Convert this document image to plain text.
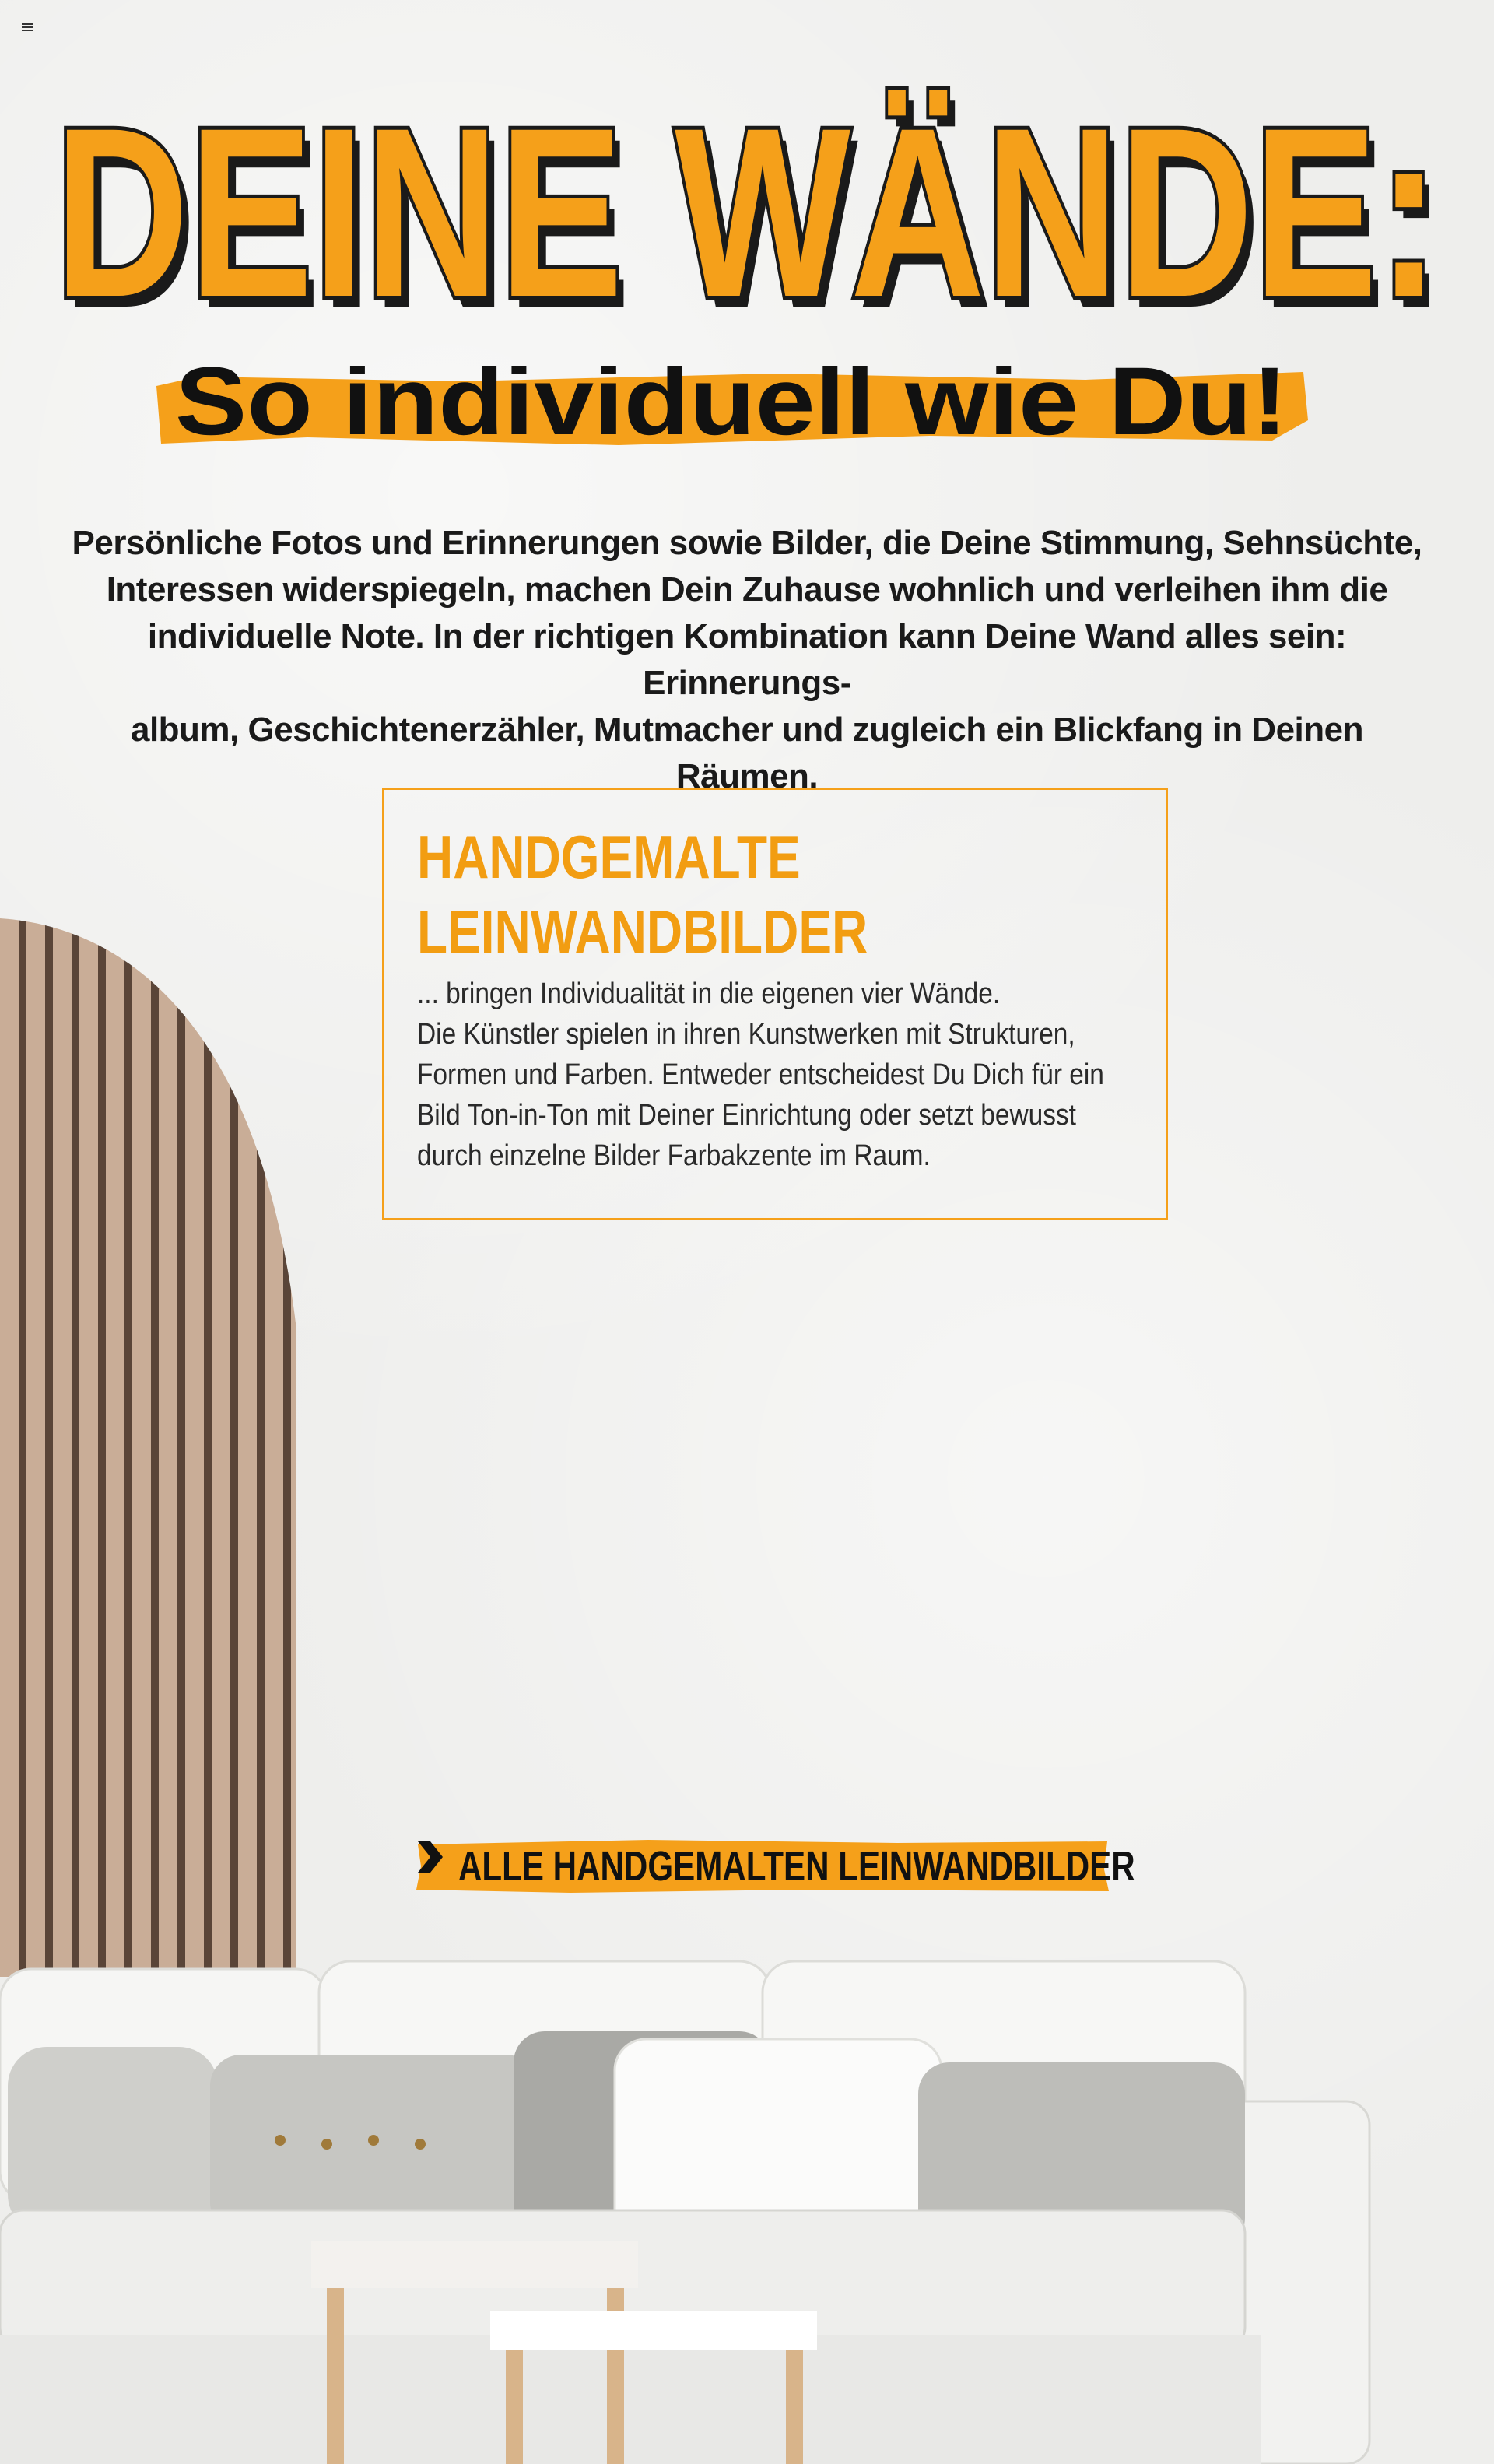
DEINE WÄNDE:
DEINE WÄNDE:
So individuell wie Du!
Persönliche Fotos und Erinnerungen sowie Bilder, die Deine Stimmung, Sehnsüchte,
Interessen widerspiegeln, machen Dein Zuhause wohnlich und verleihen ihm die
individuelle Note. In der richtigen Kombination kann Deine Wand alles sein: Erinnerungs-
album, Geschichtenerzähler, Mutmacher und zugleich ein Blickfang in Deinen Räumen.
HANDGEMALTE
LEINWANDBILDER
... bringen Individualität in die eigenen vier Wände.
Die Künstler spielen in ihren Kunstwerken mit Strukturen,
Formen und Farben. Entweder entscheidest Du Dich für ein
Bild Ton-in-Ton mit Deiner Einrichtung oder setzt bewusst
durch einzelne Bilder Farbakzente im Raum.
ALLE HANDGEMALTEN LEINWANDBILDER
